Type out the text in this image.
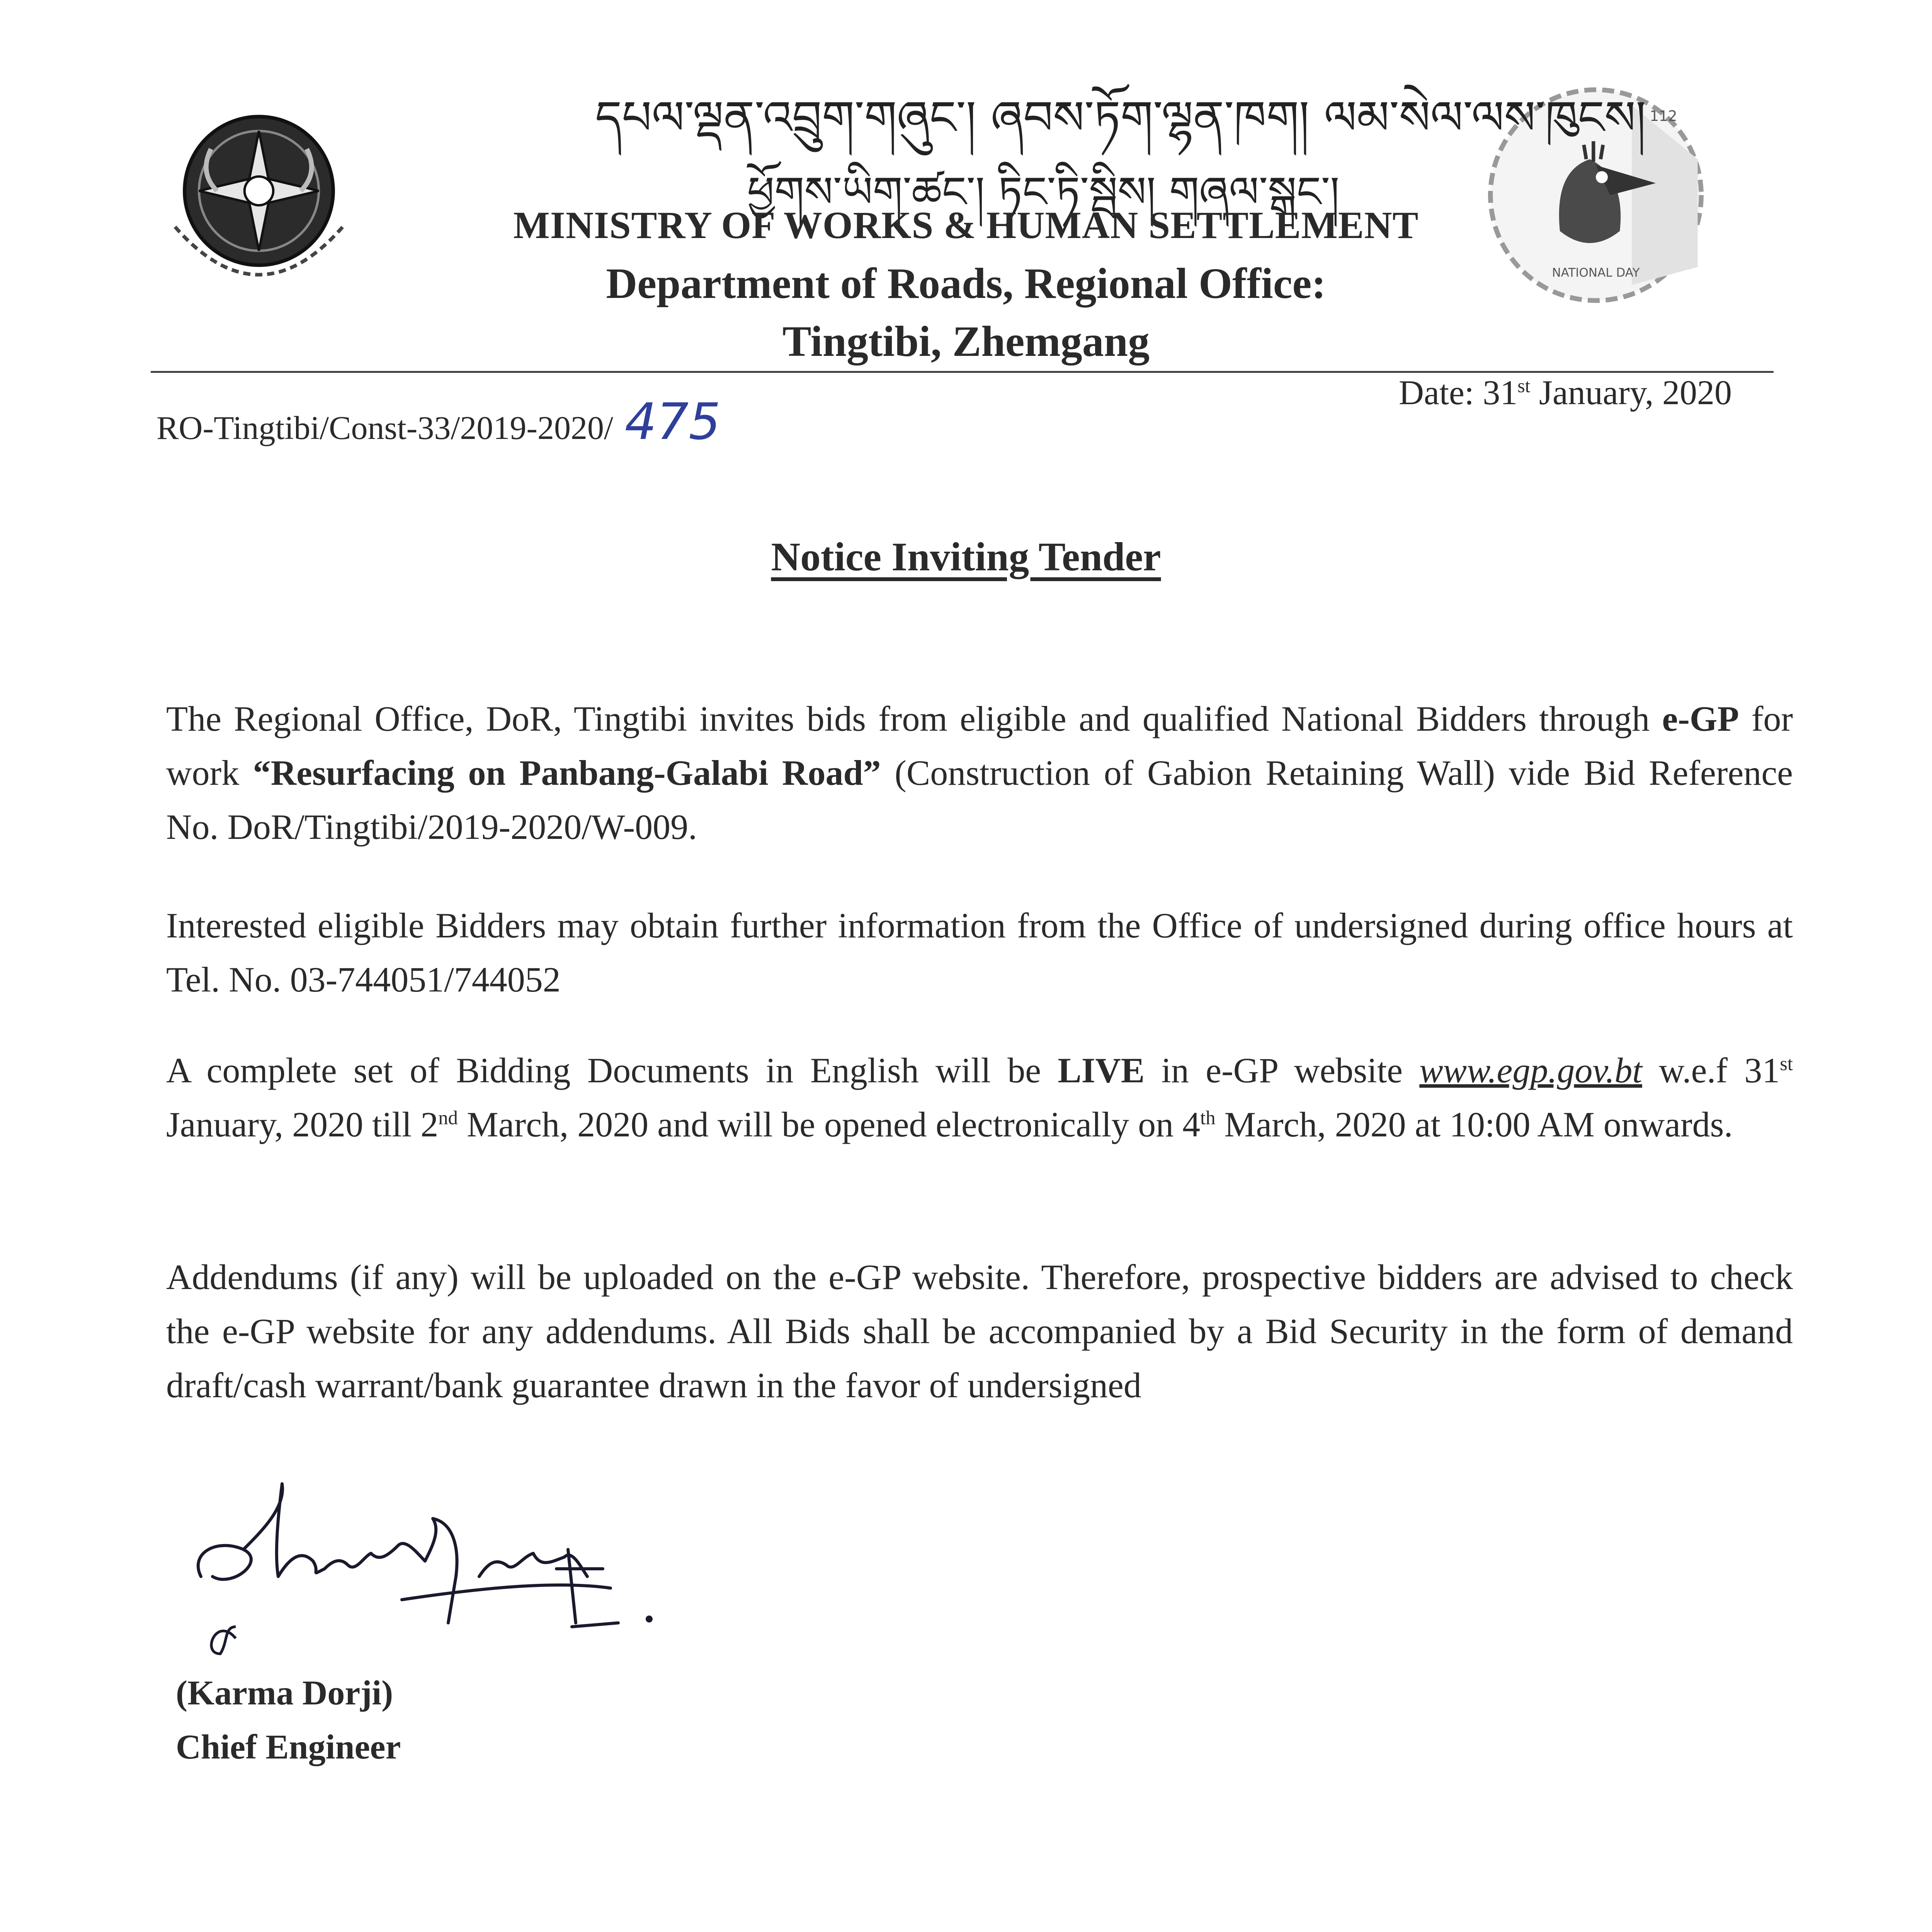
NATIONAL DAY
112
དཔལ་ལྡན་འབྲུག་གཞུང་། ཞབས་ཏོག་ལྷན་ཁག། ལམ་སེལ་ལས་ཁུངས།
ཕྱོགས་ཡིག་ཚང་། ཏིང་ཏི་སྦིས། གཞལ་སྒང་།
MINISTRY OF WORKS & HUMAN SETTLEMENT
Department of Roads, Regional Office:
Tingtibi, Zhemgang
RO-Tingtibi/Const-33/2019-2020/ 475	Date: 31st January, 2020
Notice Inviting Tender
The Regional Office, DoR, Tingtibi invites bids from eligible and qualified National Bidders through e-GP for work “Resurfacing on Panbang-Galabi Road” (Construction of Gabion Retaining Wall) vide Bid Reference No. DoR/Tingtibi/2019-2020/W-009.
Interested eligible Bidders may obtain further information from the Office of undersigned during office hours at Tel. No. 03-744051/744052
A complete set of Bidding Documents in English will be LIVE in e-GP website www.egp.gov.bt w.e.f 31st January, 2020 till 2nd March, 2020 and will be opened electronically on 4th March, 2020 at 10:00 AM onwards.
Addendums (if any) will be uploaded on the e-GP website. Therefore, prospective bidders are advised to check the e-GP website for any addendums. All Bids shall be accompanied by a Bid Security in the form of demand draft/cash warrant/bank guarantee drawn in the favor of undersigned
(Karma Dorji)
Chief Engineer
